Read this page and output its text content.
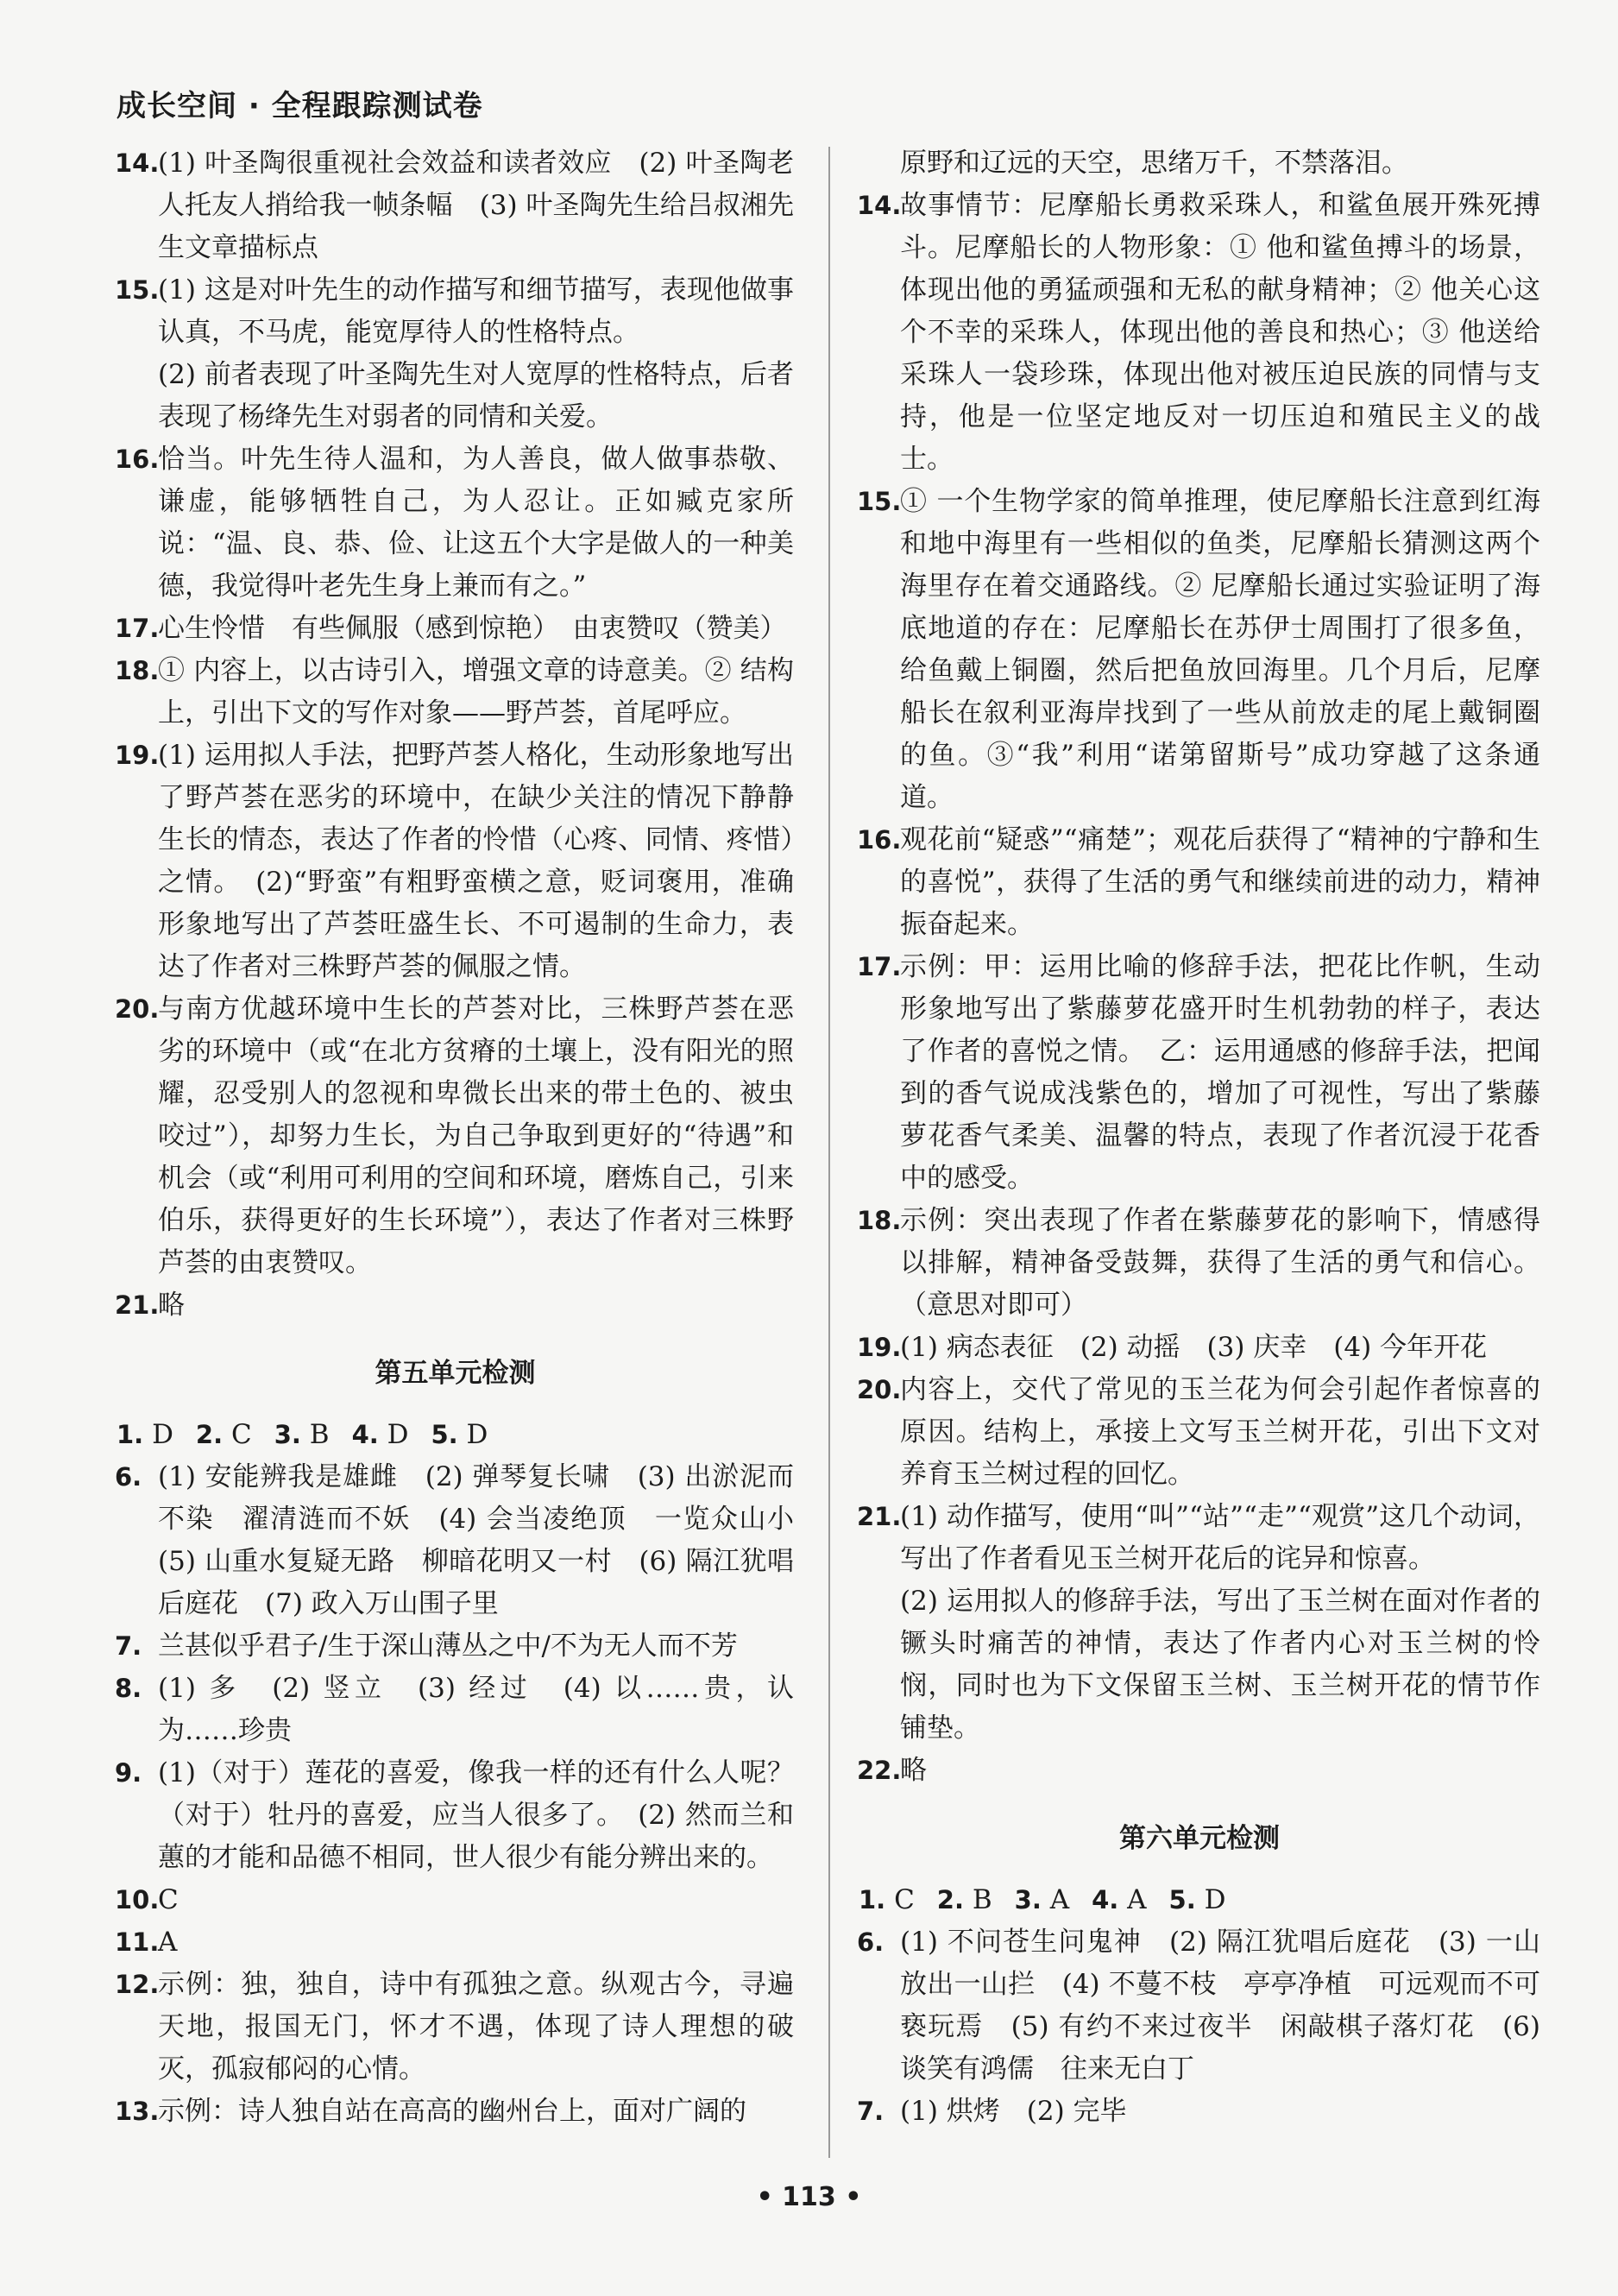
成长空间 · 全程跟踪测试卷
14.
(1) 叶圣陶很重视社会效益和读者效应　(2) 叶圣陶老人托友人捎给我一帧条幅　(3) 叶圣陶先生给吕叔湘先生文章描标点
15.
(1) 这是对叶先生的动作描写和细节描写，表现他做事认真，不马虎，能宽厚待人的性格特点。
(2) 前者表现了叶圣陶先生对人宽厚的性格特点，后者表现了杨绛先生对弱者的同情和关爱。
16.
恰当。叶先生待人温和，为人善良，做人做事恭敬、谦虚，能够牺牲自己，为人忍让。正如臧克家所说：“温、良、恭、俭、让这五个大字是做人的一种美德，我觉得叶老先生身上兼而有之。”
17.
心生怜惜　有些佩服（感到惊艳）　由衷赞叹（赞美）
18.
① 内容上，以古诗引入，增强文章的诗意美。② 结构上，引出下文的写作对象——野芦荟，首尾呼应。
19.
(1) 运用拟人手法，把野芦荟人格化，生动形象地写出了野芦荟在恶劣的环境中，在缺少关注的情况下静静生长的情态，表达了作者的怜惜（心疼、同情、疼惜）之情。　(2)“野蛮”有粗野蛮横之意，贬词褒用，准确形象地写出了芦荟旺盛生长、不可遏制的生命力，表达了作者对三株野芦荟的佩服之情。
20.
与南方优越环境中生长的芦荟对比，三株野芦荟在恶劣的环境中（或“在北方贫瘠的土壤上，没有阳光的照耀，忍受别人的忽视和卑微长出来的带土色的、被虫咬过”），却努力生长，为自己争取到更好的“待遇”和机会（或“利用可利用的空间和环境，磨炼自己，引来伯乐，获得更好的生长环境”），表达了作者对三株野芦荟的由衷赞叹。
21.
略
第五单元检测
1. D 2. C 3. B 4. D 5. D
6. (1) 安能辨我是雄雌　(2) 弹琴复长啸　(3) 出淤泥而不染　濯清涟而不妖　(4) 会当凌绝顶　一览众山小　(5) 山重水复疑无路　柳暗花明又一村　(6) 隔江犹唱后庭花　(7) 政入万山围子里
7. 兰甚似乎君子/生于深山薄丛之中/不为无人而不芳
8. (1) 多　(2) 竖立　(3) 经过　(4) 以……贵，认为……珍贵
9. (1)（对于）莲花的喜爱，像我一样的还有什么人呢？（对于）牡丹的喜爱，应当人很多了。　(2) 然而兰和蕙的才能和品德不相同，世人很少有能分辨出来的。
10.
C
11.
A
12.
示例：独，独自，诗中有孤独之意。纵观古今，寻遍天地，报国无门，怀才不遇，体现了诗人理想的破灭，孤寂郁闷的心情。
13.
示例：诗人独自站在高高的幽州台上，面对广阔的
原野和辽远的天空，思绪万千，不禁落泪。
14.
故事情节：尼摩船长勇救采珠人，和鲨鱼展开殊死搏斗。尼摩船长的人物形象：① 他和鲨鱼搏斗的场景，体现出他的勇猛顽强和无私的献身精神；② 他关心这个不幸的采珠人，体现出他的善良和热心；③ 他送给采珠人一袋珍珠，体现出他对被压迫民族的同情与支持，他是一位坚定地反对一切压迫和殖民主义的战士。
15.
① 一个生物学家的简单推理，使尼摩船长注意到红海和地中海里有一些相似的鱼类，尼摩船长猜测这两个海里存在着交通路线。② 尼摩船长通过实验证明了海底地道的存在：尼摩船长在苏伊士周围打了很多鱼，给鱼戴上铜圈，然后把鱼放回海里。几个月后，尼摩船长在叙利亚海岸找到了一些从前放走的尾上戴铜圈的鱼。③“我”利用“诺第留斯号”成功穿越了这条通道。
16.
观花前“疑惑”“痛楚”；观花后获得了“精神的宁静和生的喜悦”，获得了生活的勇气和继续前进的动力，精神振奋起来。
17.
示例：甲：运用比喻的修辞手法，把花比作帆，生动形象地写出了紫藤萝花盛开时生机勃勃的样子，表达了作者的喜悦之情。　乙：运用通感的修辞手法，把闻到的香气说成浅紫色的，增加了可视性，写出了紫藤萝花香气柔美、温馨的特点，表现了作者沉浸于花香中的感受。
18.
示例：突出表现了作者在紫藤萝花的影响下，情感得以排解，精神备受鼓舞，获得了生活的勇气和信心。（意思对即可）
19.
(1) 病态表征　(2) 动摇　(3) 庆幸　(4) 今年开花
20.
内容上，交代了常见的玉兰花为何会引起作者惊喜的原因。结构上，承接上文写玉兰树开花，引出下文对养育玉兰树过程的回忆。
21.
(1) 动作描写，使用“叫”“站”“走”“观赏”这几个动词，写出了作者看见玉兰树开花后的诧异和惊喜。
(2) 运用拟人的修辞手法，写出了玉兰树在面对作者的镢头时痛苦的神情，表达了作者内心对玉兰树的怜悯，同时也为下文保留玉兰树、玉兰树开花的情节作铺垫。
22.
略
第六单元检测
1. C 2. B 3. A 4. A 5. D
6. (1) 不问苍生问鬼神　(2) 隔江犹唱后庭花　(3) 一山放出一山拦　(4) 不蔓不枝　亭亭净植　可远观而不可亵玩焉　(5) 有约不来过夜半　闲敲棋子落灯花　(6) 谈笑有鸿儒　往来无白丁
7. (1) 烘烤　(2) 完毕
• 113 •
